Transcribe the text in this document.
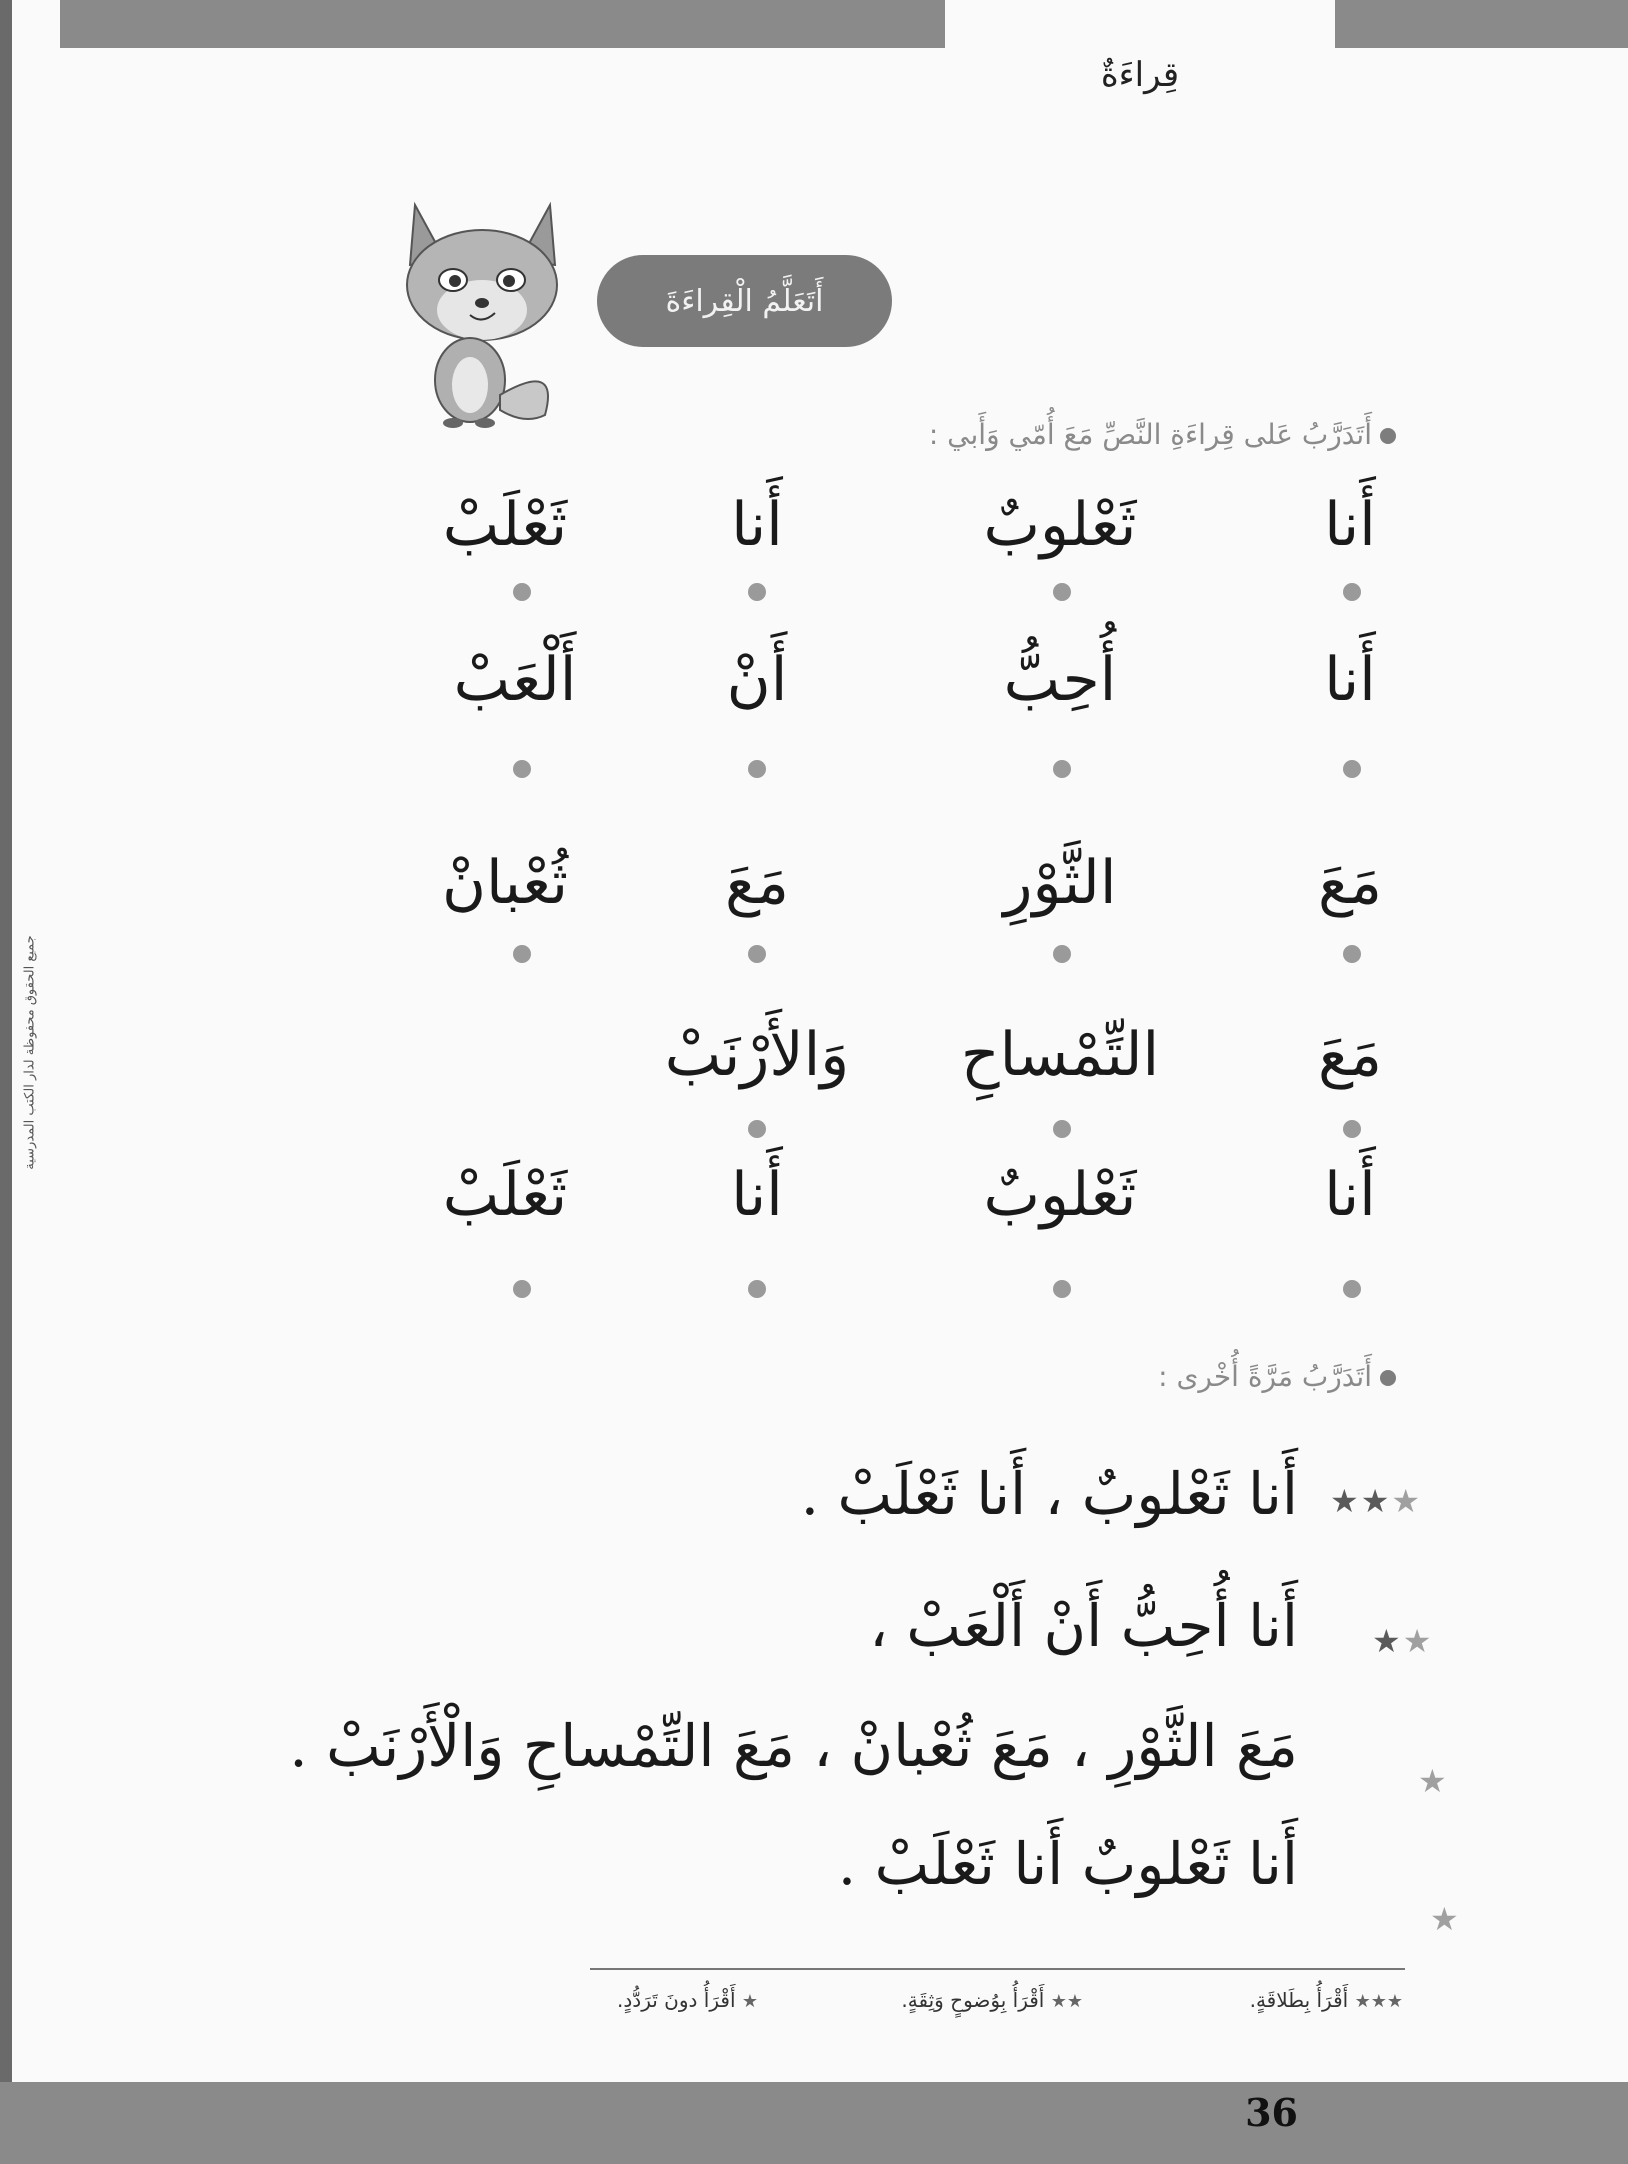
جميع الحقوق محفوظة لدار الكتب المدرسية
قِراءَةٌ
أَتَعَلَّمُ الْقِراءَةَ
أَتَدَرَّبُ عَلى قِراءَةِ النَّصِّ مَعَ أُمّي وَأَبي :
أَنا
ثَعْلوبٌ
أَنا
ثَعْلَبْ
أَنا
أُحِبُّ
أَنْ
أَلْعَبْ
مَعَ
الثَّوْرِ
مَعَ
ثُعْبانْ
مَعَ
التِّمْساحِ
وَالأَرْنَبْ
أَنا
ثَعْلوبٌ
أَنا
ثَعْلَبْ
أَتَدَرَّبُ مَرَّةً أُخْرى :
★★★
أَنا ثَعْلوبٌ ، أَنا ثَعْلَبْ .
★★
أَنا أُحِبُّ أَنْ أَلْعَبْ ،
★
مَعَ الثَّوْرِ ، مَعَ ثُعْبانْ ، مَعَ التِّمْساحِ وَالْأَرْنَبْ .
★
أَنا ثَعْلوبٌ أَنا ثَعْلَبْ .
★★★ أَقْرَأُ بِطَلاقَةٍ.
★★ أَقْرَأُ بِوُضوحٍ وَثِقَةٍ.
★ أَقْرَأُ دونَ تَرَدُّدٍ.
36
